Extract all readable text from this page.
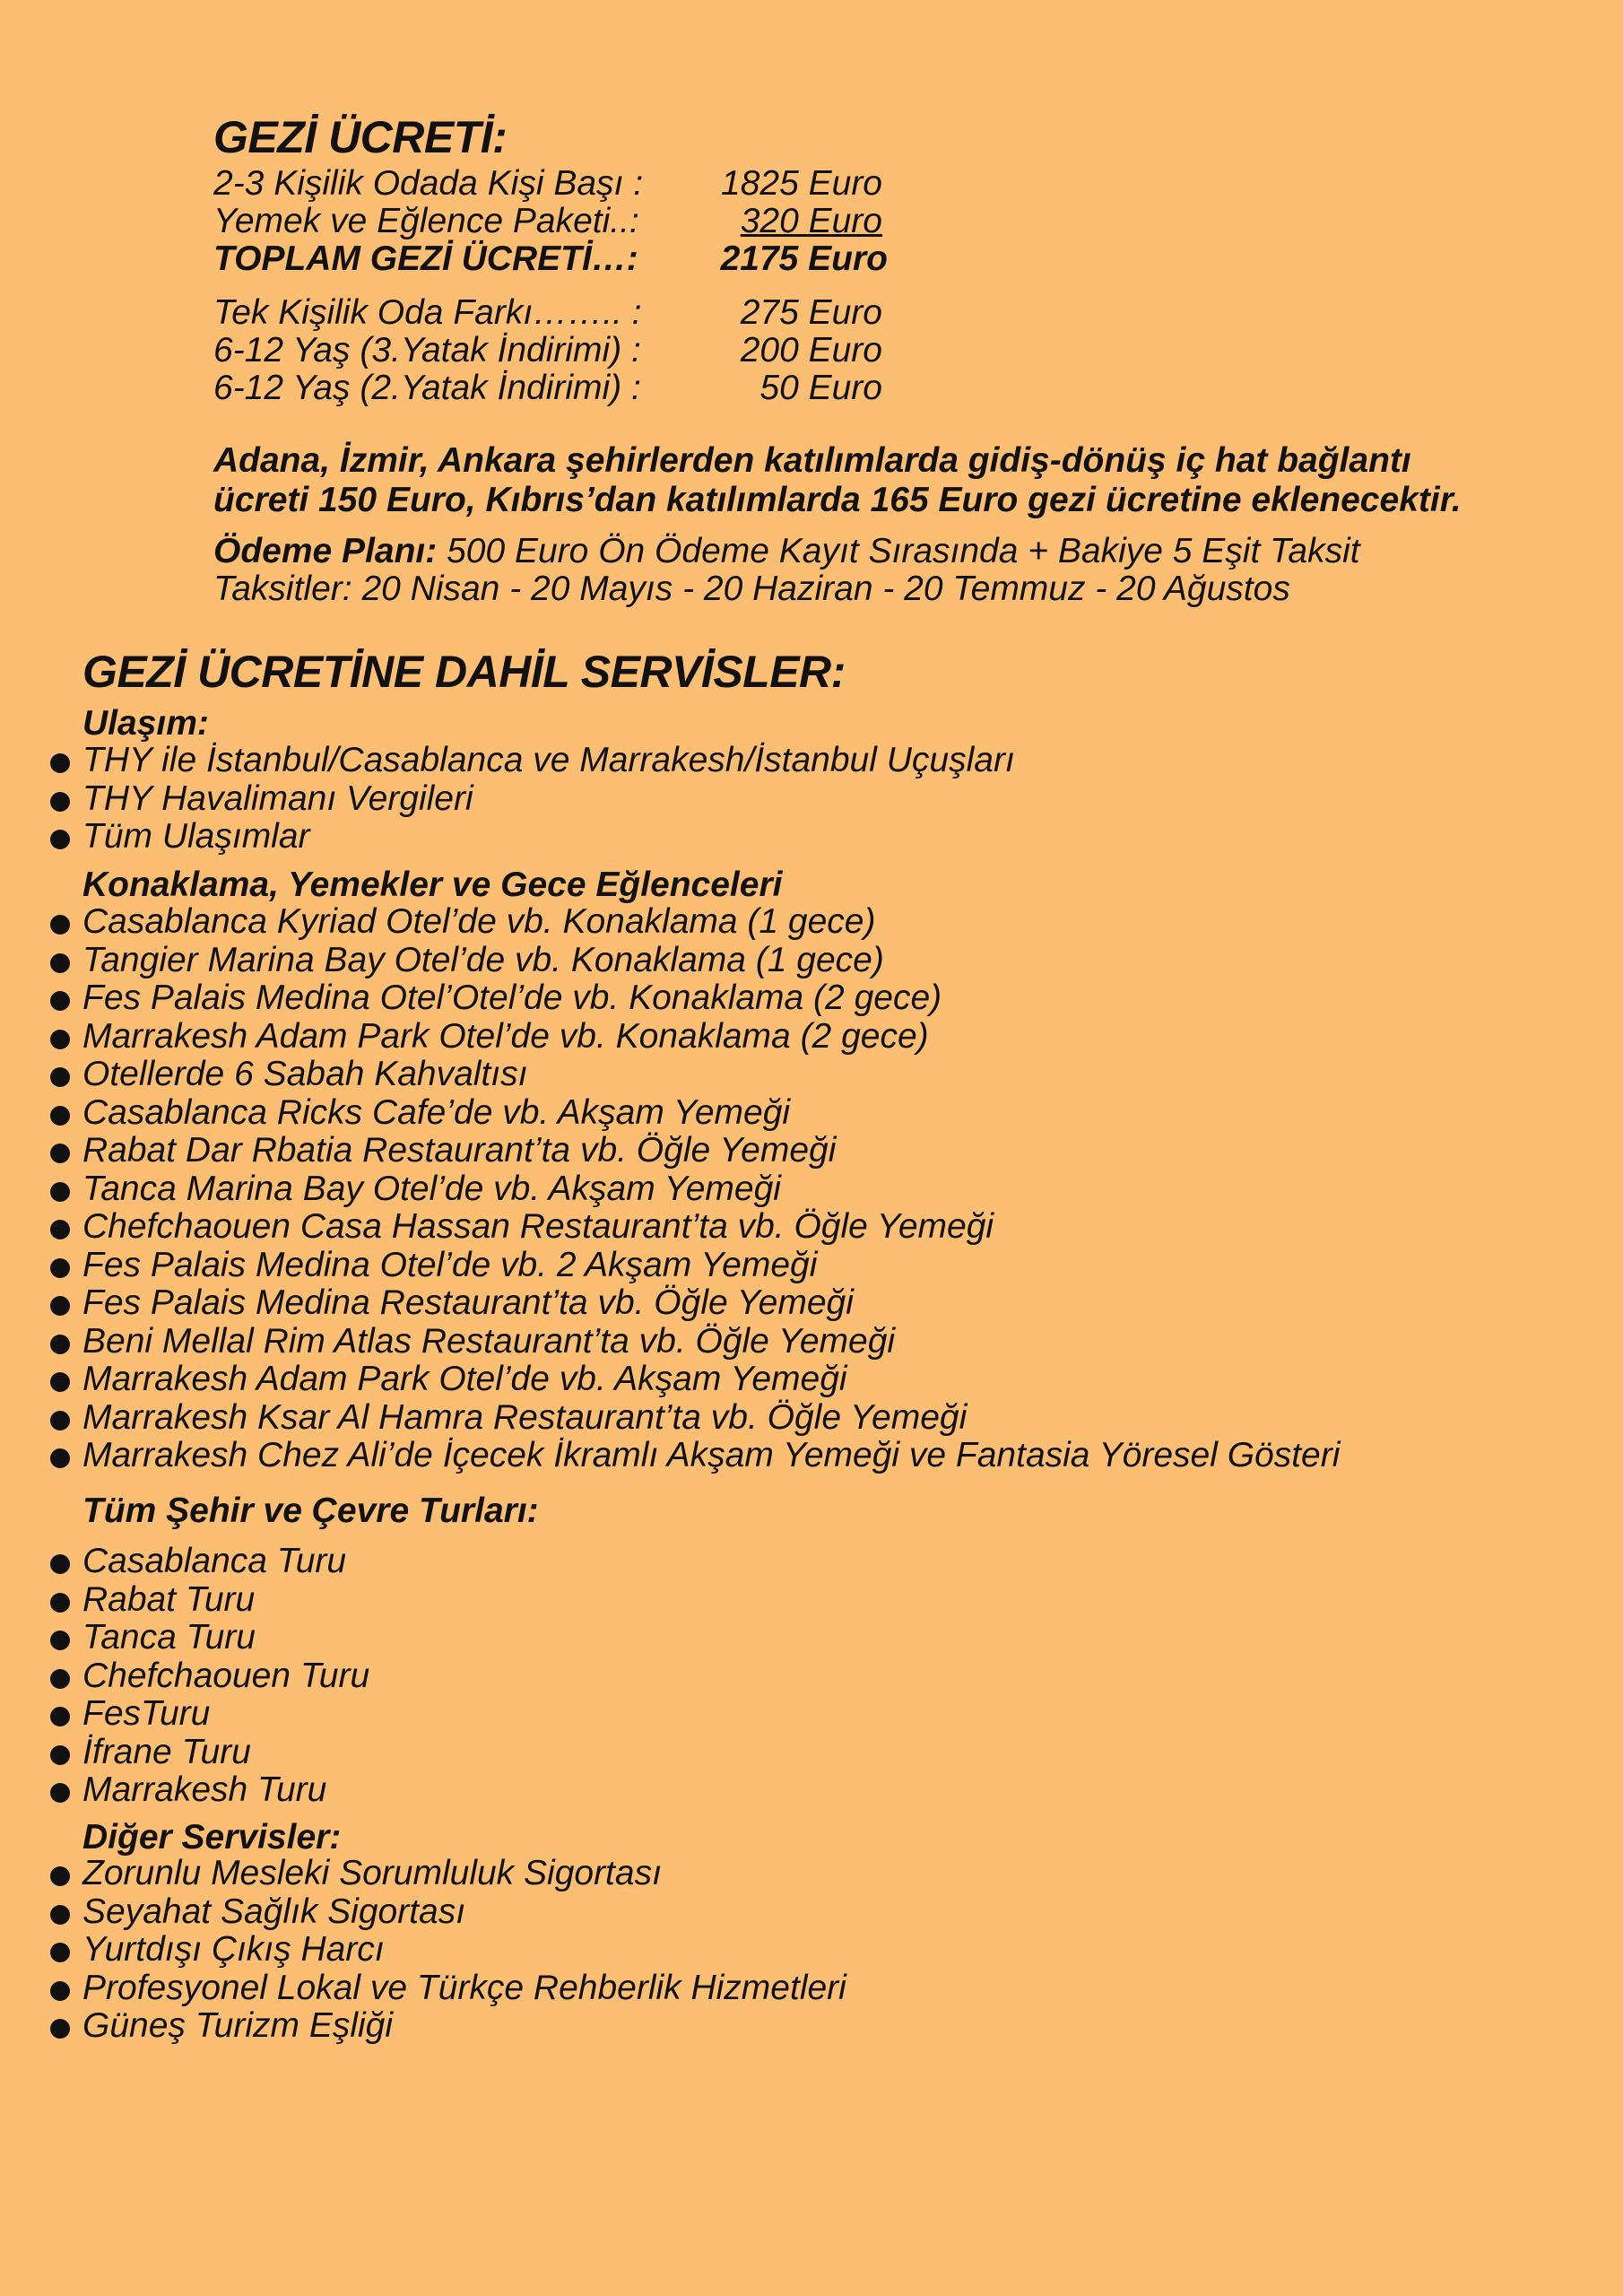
GEZİ ÜCRETİ:
2-3 Kişilik Odada Kişi Başı : 1825 Euro
Yemek ve Eğlence Paketi..:	320 Euro
TOPLAM GEZİ ÜCRETİ…: 2175 Euro
Tek Kişilik Oda Farkı…….. :	275 Euro
6-12 Yaş (3.Yatak İndirimi) :	200 Euro
6-12 Yaş (2.Yatak İndirimi) :	50 Euro
Adana, İzmir, Ankara şehirlerden katılımlarda gidiş-dönüş iç hat bağlantı
ücreti 150 Euro, Kıbrıs’dan katılımlarda 165 Euro gezi ücretine eklenecektir.
Ödeme Planı: 500 Euro Ön Ödeme Kayıt Sırasında + Bakiye 5 Eşit Taksit
Taksitler: 20 Nisan - 20 Mayıs - 20 Haziran - 20 Temmuz - 20 Ağustos
GEZİ ÜCRETİNE DAHİL SERVİSLER:
Ulaşım:
THY ile İstanbul/Casablanca ve Marrakesh/İstanbul Uçuşları
THY Havalimanı Vergileri
Tüm Ulaşımlar
Konaklama, Yemekler ve Gece Eğlenceleri
Casablanca Kyriad Otel’de vb. Konaklama (1 gece)
Tangier Marina Bay Otel’de vb. Konaklama (1 gece)
Fes Palais Medina Otel’Otel’de vb. Konaklama (2 gece)
Marrakesh Adam Park Otel’de vb. Konaklama (2 gece)
Otellerde 6 Sabah Kahvaltısı
Casablanca Ricks Cafe’de vb. Akşam Yemeği
Rabat Dar Rbatia Restaurant’ta vb. Öğle Yemeği
Tanca Marina Bay Otel’de vb. Akşam Yemeği
Chefchaouen Casa Hassan Restaurant’ta vb. Öğle Yemeği
Fes Palais Medina Otel’de vb. 2 Akşam Yemeği
Fes Palais Medina Restaurant’ta vb. Öğle Yemeği
Beni Mellal Rim Atlas Restaurant’ta vb. Öğle Yemeği
Marrakesh Adam Park Otel’de vb. Akşam Yemeği
Marrakesh Ksar Al Hamra Restaurant’ta vb. Öğle Yemeği
Marrakesh Chez Ali’de İçecek İkramlı Akşam Yemeği ve Fantasia Yöresel Gösteri
Tüm Şehir ve Çevre Turları:
Casablanca Turu
Rabat Turu
Tanca Turu
Chefchaouen Turu
FesTuru
İfrane Turu
Marrakesh Turu
Diğer Servisler:
Zorunlu Mesleki Sorumluluk Sigortası
Seyahat Sağlık Sigortası
Yurtdışı Çıkış Harcı
Profesyonel Lokal ve Türkçe Rehberlik Hizmetleri
Güneş Turizm Eşliği
